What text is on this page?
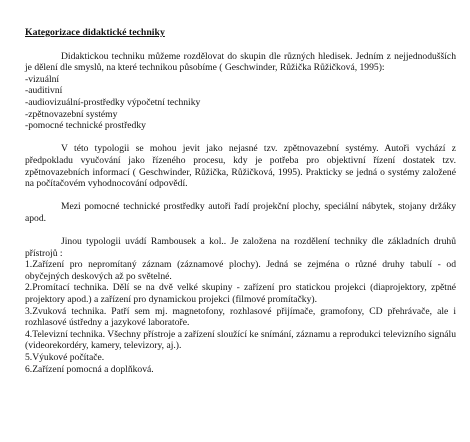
Kategorizace didaktické techniky

Didaktickou techniku můžeme rozdělovat do skupin dle různých hledisek. Jedním z nejjednodušších je dělení dle smyslů, na které technikou působíme ( Geschwinder, Růžička Růžičková, 1995):

-vizuální
-auditivní
-audiovizuální-prostředky výpočetní techniky
-zpětnovazební systémy
-pomocné technické prostředky

V této typologii se mohou jevit jako nejasné tzv. zpětnovazební systémy. Autoři vychází z předpokladu vyučování jako řízeného procesu, kdy je potřeba pro objektivní řízení dostatek tzv. zpětnovazebních informací ( Geschwinder, Růžička, Růžičková, 1995). Prakticky se jedná o systémy založené na počítačovém vyhodnocování odpovědí.

Mezi pomocné technické prostředky autoři řadí projekční plochy, speciální nábytek, stojany držáky apod.

Jinou typologii uvádí Rambousek a kol.. Je založena na rozdělení techniky dle základních druhů přístrojů :

1.Zařízení pro nepromítaný záznam (záznamové plochy). Jedná se zejména o různé druhy tabulí - od obyčejných deskových až po světelné.

2.Promítací technika. Dělí se na dvě velké skupiny - zařízení pro statickou projekci (diaprojektory, zpětné projektory apod.) a zařízení pro dynamickou projekci (filmové promítačky).

3.Zvuková technika. Patří sem mj. magnetofony, rozhlasové přijímače, gramofony, CD přehrávače, ale i rozhlasové ústředny a jazykové laboratoře.

4.Televizní technika. Všechny přístroje a zařízení sloužící ke snímání, záznamu a reprodukci televizního signálu (videorekordéry, kamery, televizory, aj.).

5.Výukové počítače.

6.Zařízení pomocná a doplňková.
